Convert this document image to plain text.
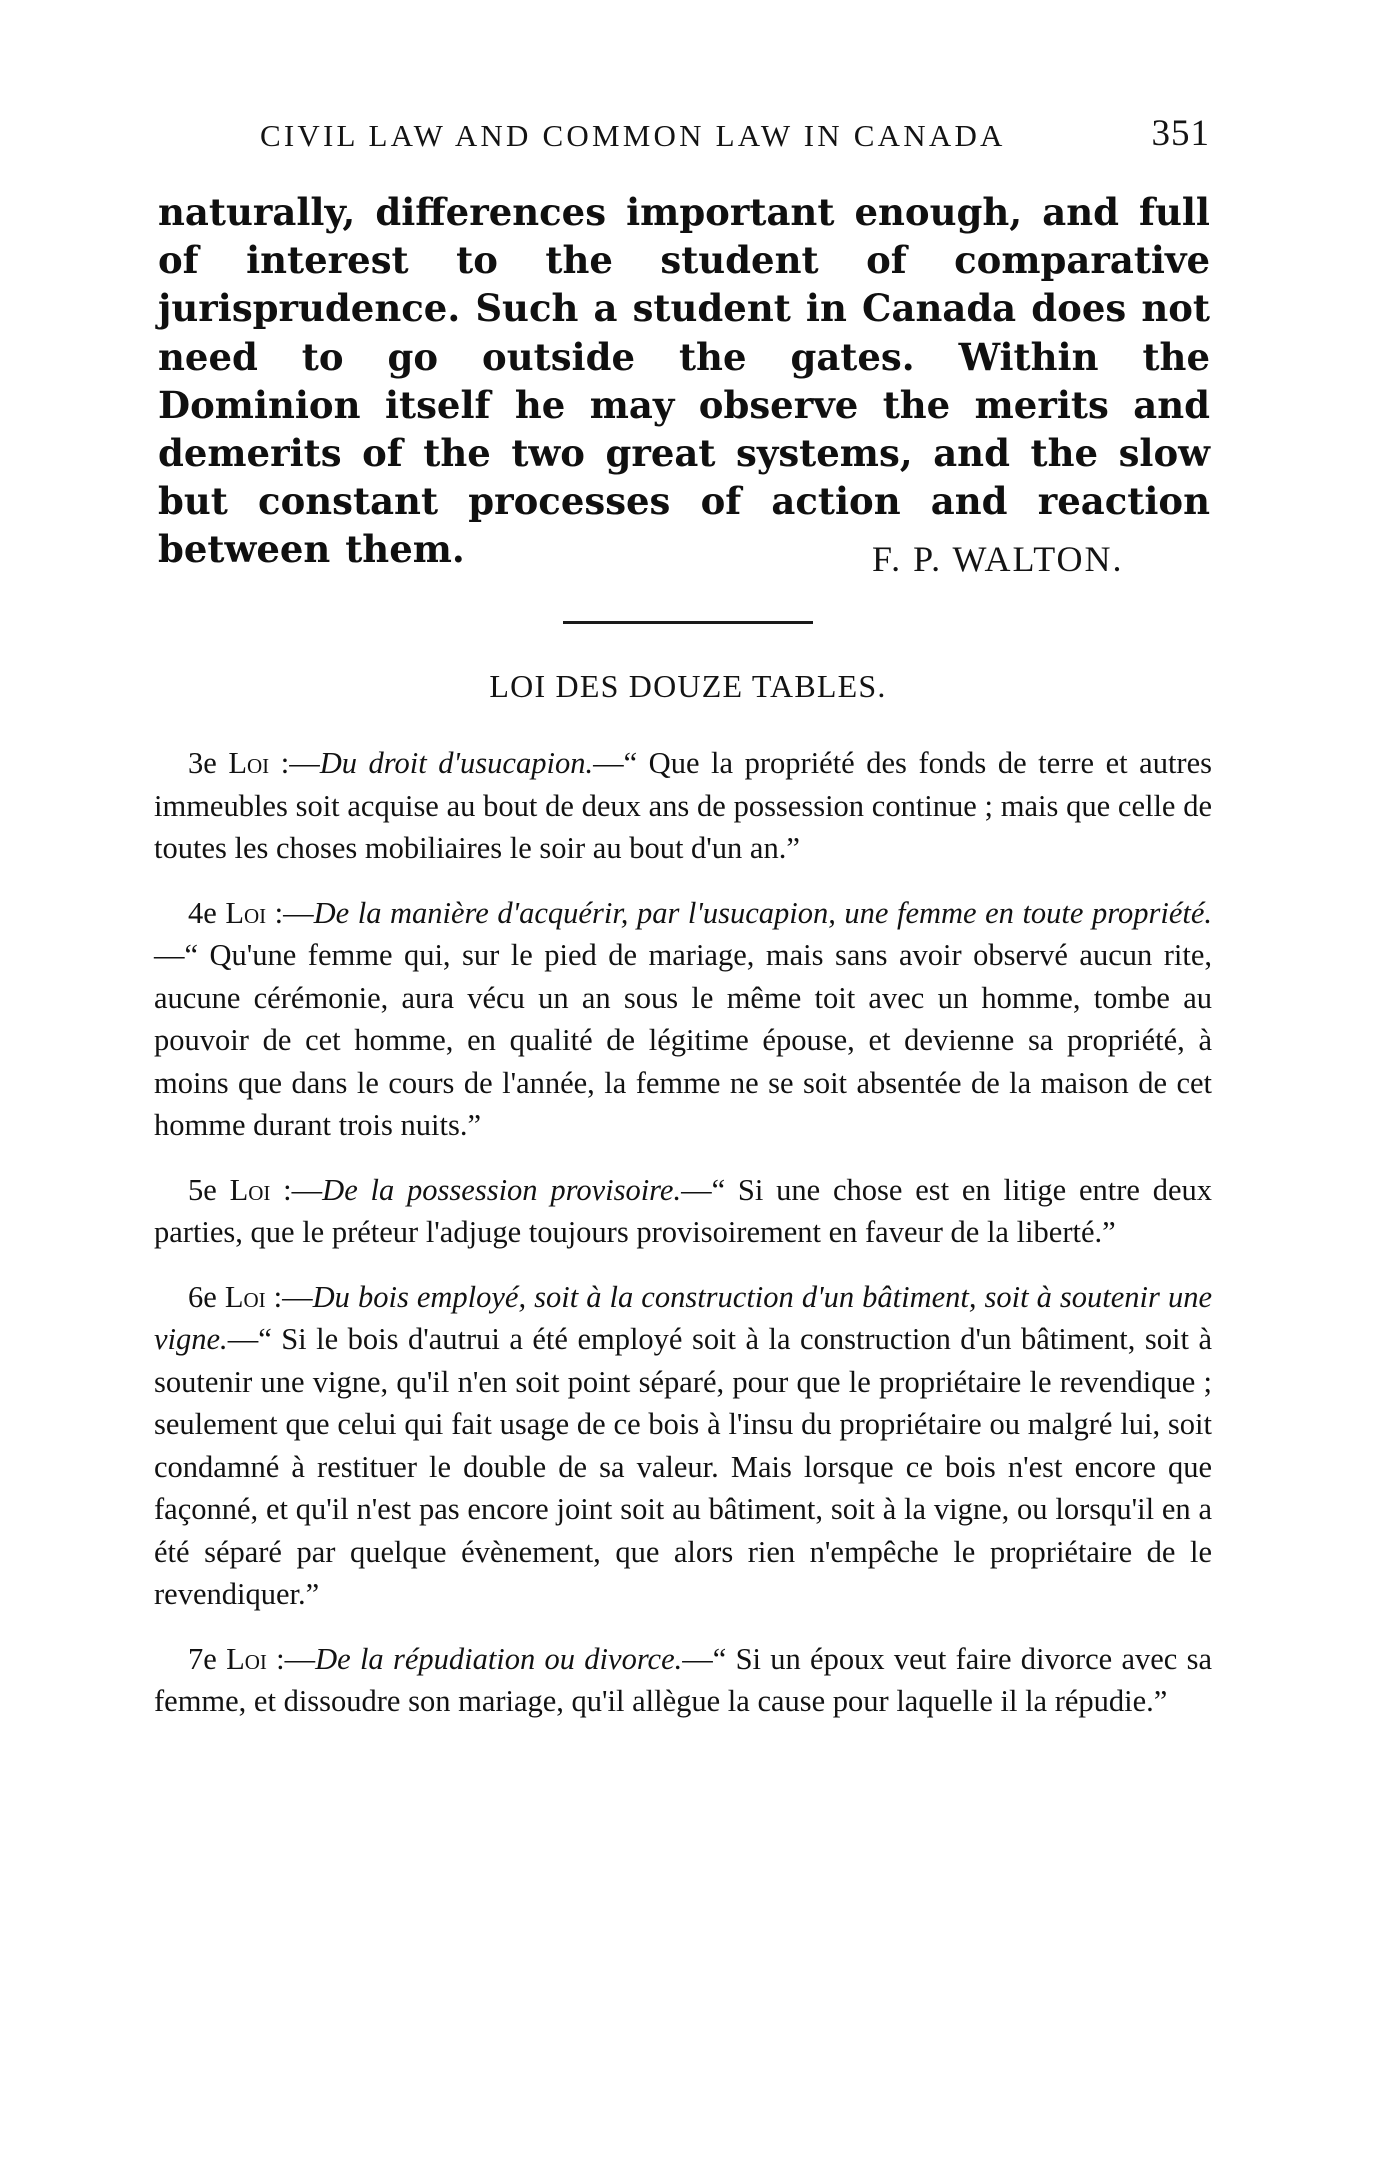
CIVIL LAW AND COMMON LAW IN CANADA	351

naturally, differences important enough, and full of interest to the student of comparative jurisprudence. Such a student in Canada does not need to go outside the gates. Within the Dominion itself he may observe the merits and demerits of the two great systems, and the slow but constant processes of action and reaction between them.	F. P. WALTON.
LOI DES DOUZE TABLES.

3e Loi :—Du droit d'usucapion.—“ Que la propriété des fonds de terre et autres immeubles soit acquise au bout de deux ans de possession continue ; mais que celle de toutes les choses mobiliaires le soir au bout d'un an.”

4e Loi :—De la manière d'acquérir, par l'usucapion, une femme en toute propriété.—“ Qu'une femme qui, sur le pied de mariage, mais sans avoir observé aucun rite, aucune cérémonie, aura vécu un an sous le même toit avec un homme, tombe au pouvoir de cet homme, en qualité de légitime épouse, et devienne sa propriété, à moins que dans le cours de l'année, la femme ne se soit absentée de la maison de cet homme durant trois nuits.”

5e Loi :—De la possession provisoire.—“ Si une chose est en litige entre deux parties, que le préteur l'adjuge toujours provisoirement en faveur de la liberté.”

6e Loi :—Du bois employé, soit à la construction d'un bâtiment, soit à soutenir une vigne.—“ Si le bois d'autrui a été employé soit à la construction d'un bâtiment, soit à soutenir une vigne, qu'il n'en soit point séparé, pour que le propriétaire le revendique ; seulement que celui qui fait usage de ce bois à l'insu du propriétaire ou malgré lui, soit condamné à restituer le double de sa valeur. Mais lorsque ce bois n'est encore que façonné, et qu'il n'est pas encore joint soit au bâtiment, soit à la vigne, ou lorsqu'il en a été séparé par quelque évènement, que alors rien n'empêche le propriétaire de le revendiquer.”

7e Loi :—De la répudiation ou divorce.—“ Si un époux veut faire divorce avec sa femme, et dissoudre son mariage, qu'il allègue la cause pour laquelle il la répudie.”
